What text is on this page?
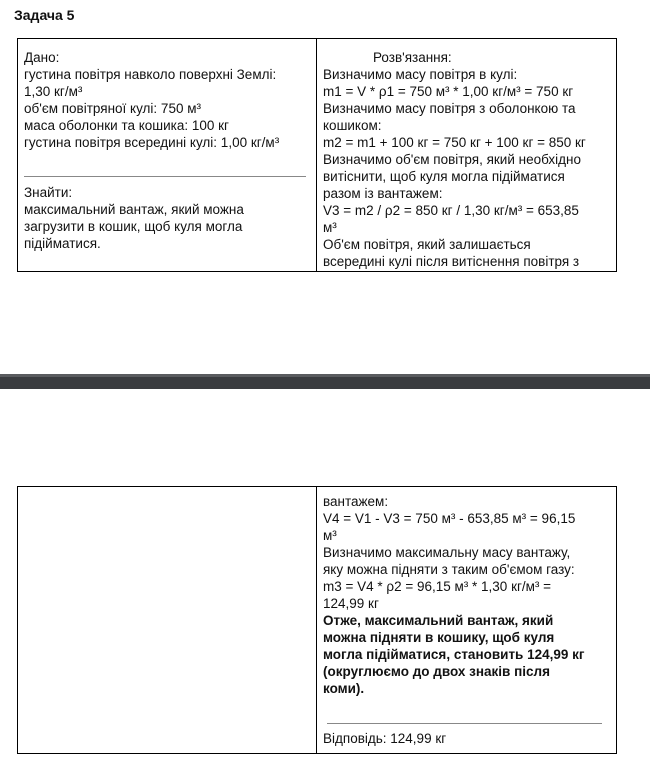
Задача 5
Дано:
густина повітря навколо поверхні Землі:
1,30 кг/м³
об'єм повітряної кулі: 750 м³
маса оболонки та кошика: 100 кг
густина повітря всередині кулі: 1,00 кг/м³
Знайти:
максимальний вантаж, який можна
загрузити в кошик, щоб куля могла
підійматися.
Розв'язання:
Визначимо масу повітря в кулі:
m1 = V * ρ1 = 750 м³ * 1,00 кг/м³ = 750 кг
Визначимо масу повітря з оболонкою та
кошиком:
m2 = m1 + 100 кг = 750 кг + 100 кг = 850 кг
Визначимо об'єм повітря, який необхідно
витіснити, щоб куля могла підійматися
разом із вантажем:
V3 = m2 / ρ2 = 850 кг / 1,30 кг/м³ = 653,85
м³
Об'єм повітря, який залишається
всередині кулі після витіснення повітря з
вантажем:
V4 = V1 - V3 = 750 м³ - 653,85 м³ = 96,15
м³
Визначимо максимальну масу вантажу,
яку можна підняти з таким об'ємом газу:
m3 = V4 * ρ2 = 96,15 м³ * 1,30 кг/м³ =
124,99 кг
Отже, максимальний вантаж, який
можна підняти в кошику, щоб куля
могла підійматися, становить 124,99 кг
(округлюємо до двох знаків після
коми).
Відповідь: 124,99 кг
